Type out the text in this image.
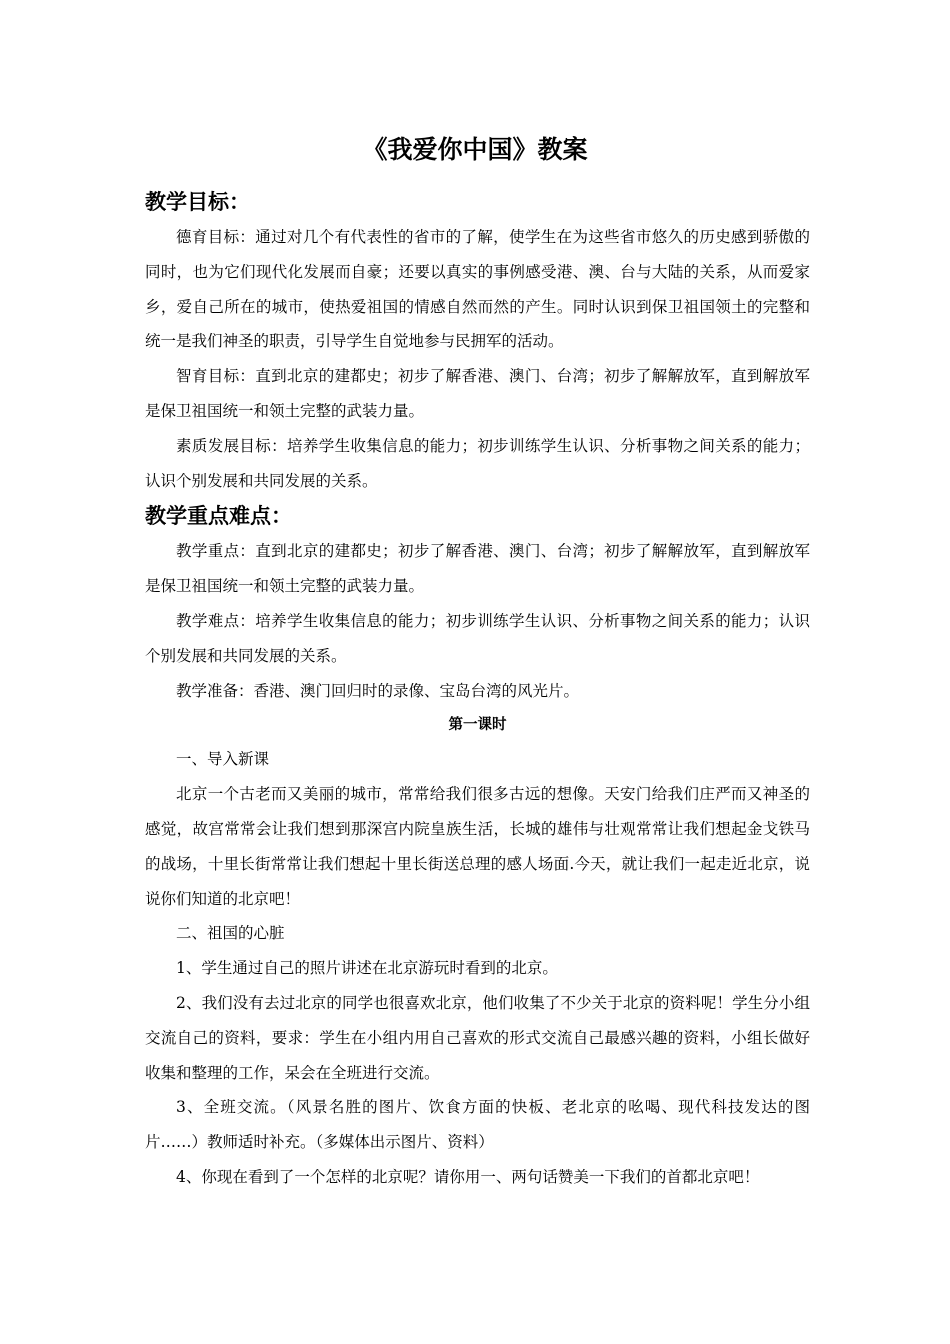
《我爱你中国》教案
教学目标：

德育目标：通过对几个有代表性的省市的了解，使学生在为这些省市悠久的历史感到骄傲的同时，也为它们现代化发展而自豪；还要以真实的事例感受港、澳、台与大陆的关系，从而爱家乡，爱自己所在的城市，使热爱祖国的情感自然而然的产生。同时认识到保卫祖国领土的完整和统一是我们神圣的职责，引导学生自觉地参与民拥军的活动。

智育目标：直到北京的建都史；初步了解香港、澳门、台湾；初步了解解放军，直到解放军是保卫祖国统一和领土完整的武装力量。

素质发展目标：培养学生收集信息的能力；初步训练学生认识、分析事物之间关系的能力；认识个别发展和共同发展的关系。

教学重点难点：

教学重点：直到北京的建都史；初步了解香港、澳门、台湾；初步了解解放军，直到解放军是保卫祖国统一和领土完整的武装力量。

教学难点：培养学生收集信息的能力；初步训练学生认识、分析事物之间关系的能力；认识个别发展和共同发展的关系。

教学准备：香港、澳门回归时的录像、宝岛台湾的风光片。

第一课时

一、导入新课

北京一个古老而又美丽的城市，常常给我们很多古远的想像。天安门给我们庄严而又神圣的感觉，故宫常常会让我们想到那深宫内院皇族生活，长城的雄伟与壮观常常让我们想起金戈铁马的战场，十里长街常常让我们想起十里长街送总理的感人场面.今天，就让我们一起走近北京，说说你们知道的北京吧！

二、祖国的心脏

1、学生通过自己的照片讲述在北京游玩时看到的北京。

2、我们没有去过北京的同学也很喜欢北京，他们收集了不少关于北京的资料呢！学生分小组交流自己的资料，要求：学生在小组内用自己喜欢的形式交流自己最感兴趣的资料，小组长做好收集和整理的工作，呆会在全班进行交流。

3、全班交流。（风景名胜的图片、饮食方面的快板、老北京的吆喝、现代科技发达的图片……）教师适时补充。（多媒体出示图片、资料）

4、你现在看到了一个怎样的北京呢？请你用一、两句话赞美一下我们的首都北京吧！
